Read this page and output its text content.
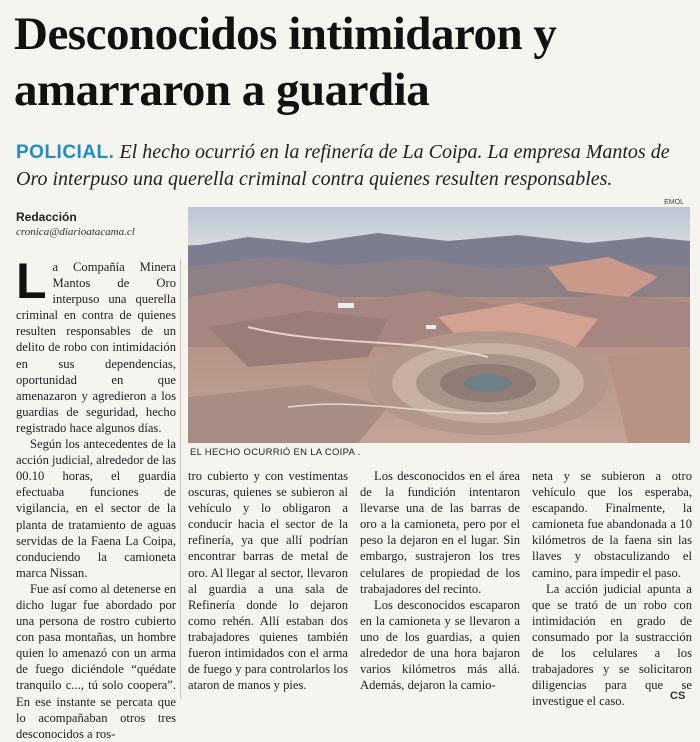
Desconocidos intimidaron y
amarraron a guardia
POLICIAL. El hecho ocurrió en la refinería de La Coipa. La empresa Mantos de Oro interpuso una querella criminal contra quienes resulten responsables.
Redacción
cronica@diarioatacama.cl
EMOL
EL HECHO OCURRIÓ EN LA COIPA .
L a Compañía Minera Mantos de Oro interpuso una querella criminal en contra de quienes resulten responsables de un delito de robo con intimidación en sus dependencias, oportunidad en que amenazaron y agredieron a los guardias de seguridad, hecho registrado hace algunos días.

Según los antecedentes de la acción judicial, alrededor de las 00.10 horas, el guardia efectuaba funciones de vigilancia, en el sector de la planta de tratamiento de aguas servidas de la Faena La Coipa, conduciendo la camioneta marca Nissan.

Fue así como al detenerse en dicho lugar fue abordado por una persona de rostro cubierto con pasa montañas, un hombre quien lo amenazó con un arma de fuego diciéndole “quédate tranquilo c..., tú solo coopera”. En ese instante se percata que lo acompañaban otros tres desconocidos a ros-

tro cubierto y con vestimentas oscuras, quienes se subieron al vehículo y lo obligaron a conducir hacia el sector de la refinería, ya que allí podrían encontrar barras de metal de oro. Al llegar al sector, llevaron al guardia a una sala de Refinería donde lo dejaron como rehén. Allí estaban dos trabajadores quienes también fueron intimidados con el arma de fuego y para controlarlos los ataron de manos y pies.

Los desconocidos en el área de la fundición intentaron llevarse una de las barras de oro a la camioneta, pero por el peso la dejaron en el lugar. Sin embargo, sustrajeron los tres celulares de propiedad de los trabajadores del recinto.

Los desconocidos escaparon en la camioneta y se llevaron a uno de los guardias, a quien alrededor de una hora bajaron varios kilómetros más allá. Además, dejaron la camio-

neta y se subieron a otro vehículo que los esperaba, escapando. Finalmente, la camioneta fue abandonada a 10 kilómetros de la faena sin las llaves y obstaculizando el camino, para impedir el paso.

La acción judicial apunta a que se trató de un robo con intimidación en grado de consumado por la sustracción de los celulares a los trabajadores y se solicitaron diligencias para que se investigue el caso.	CS
